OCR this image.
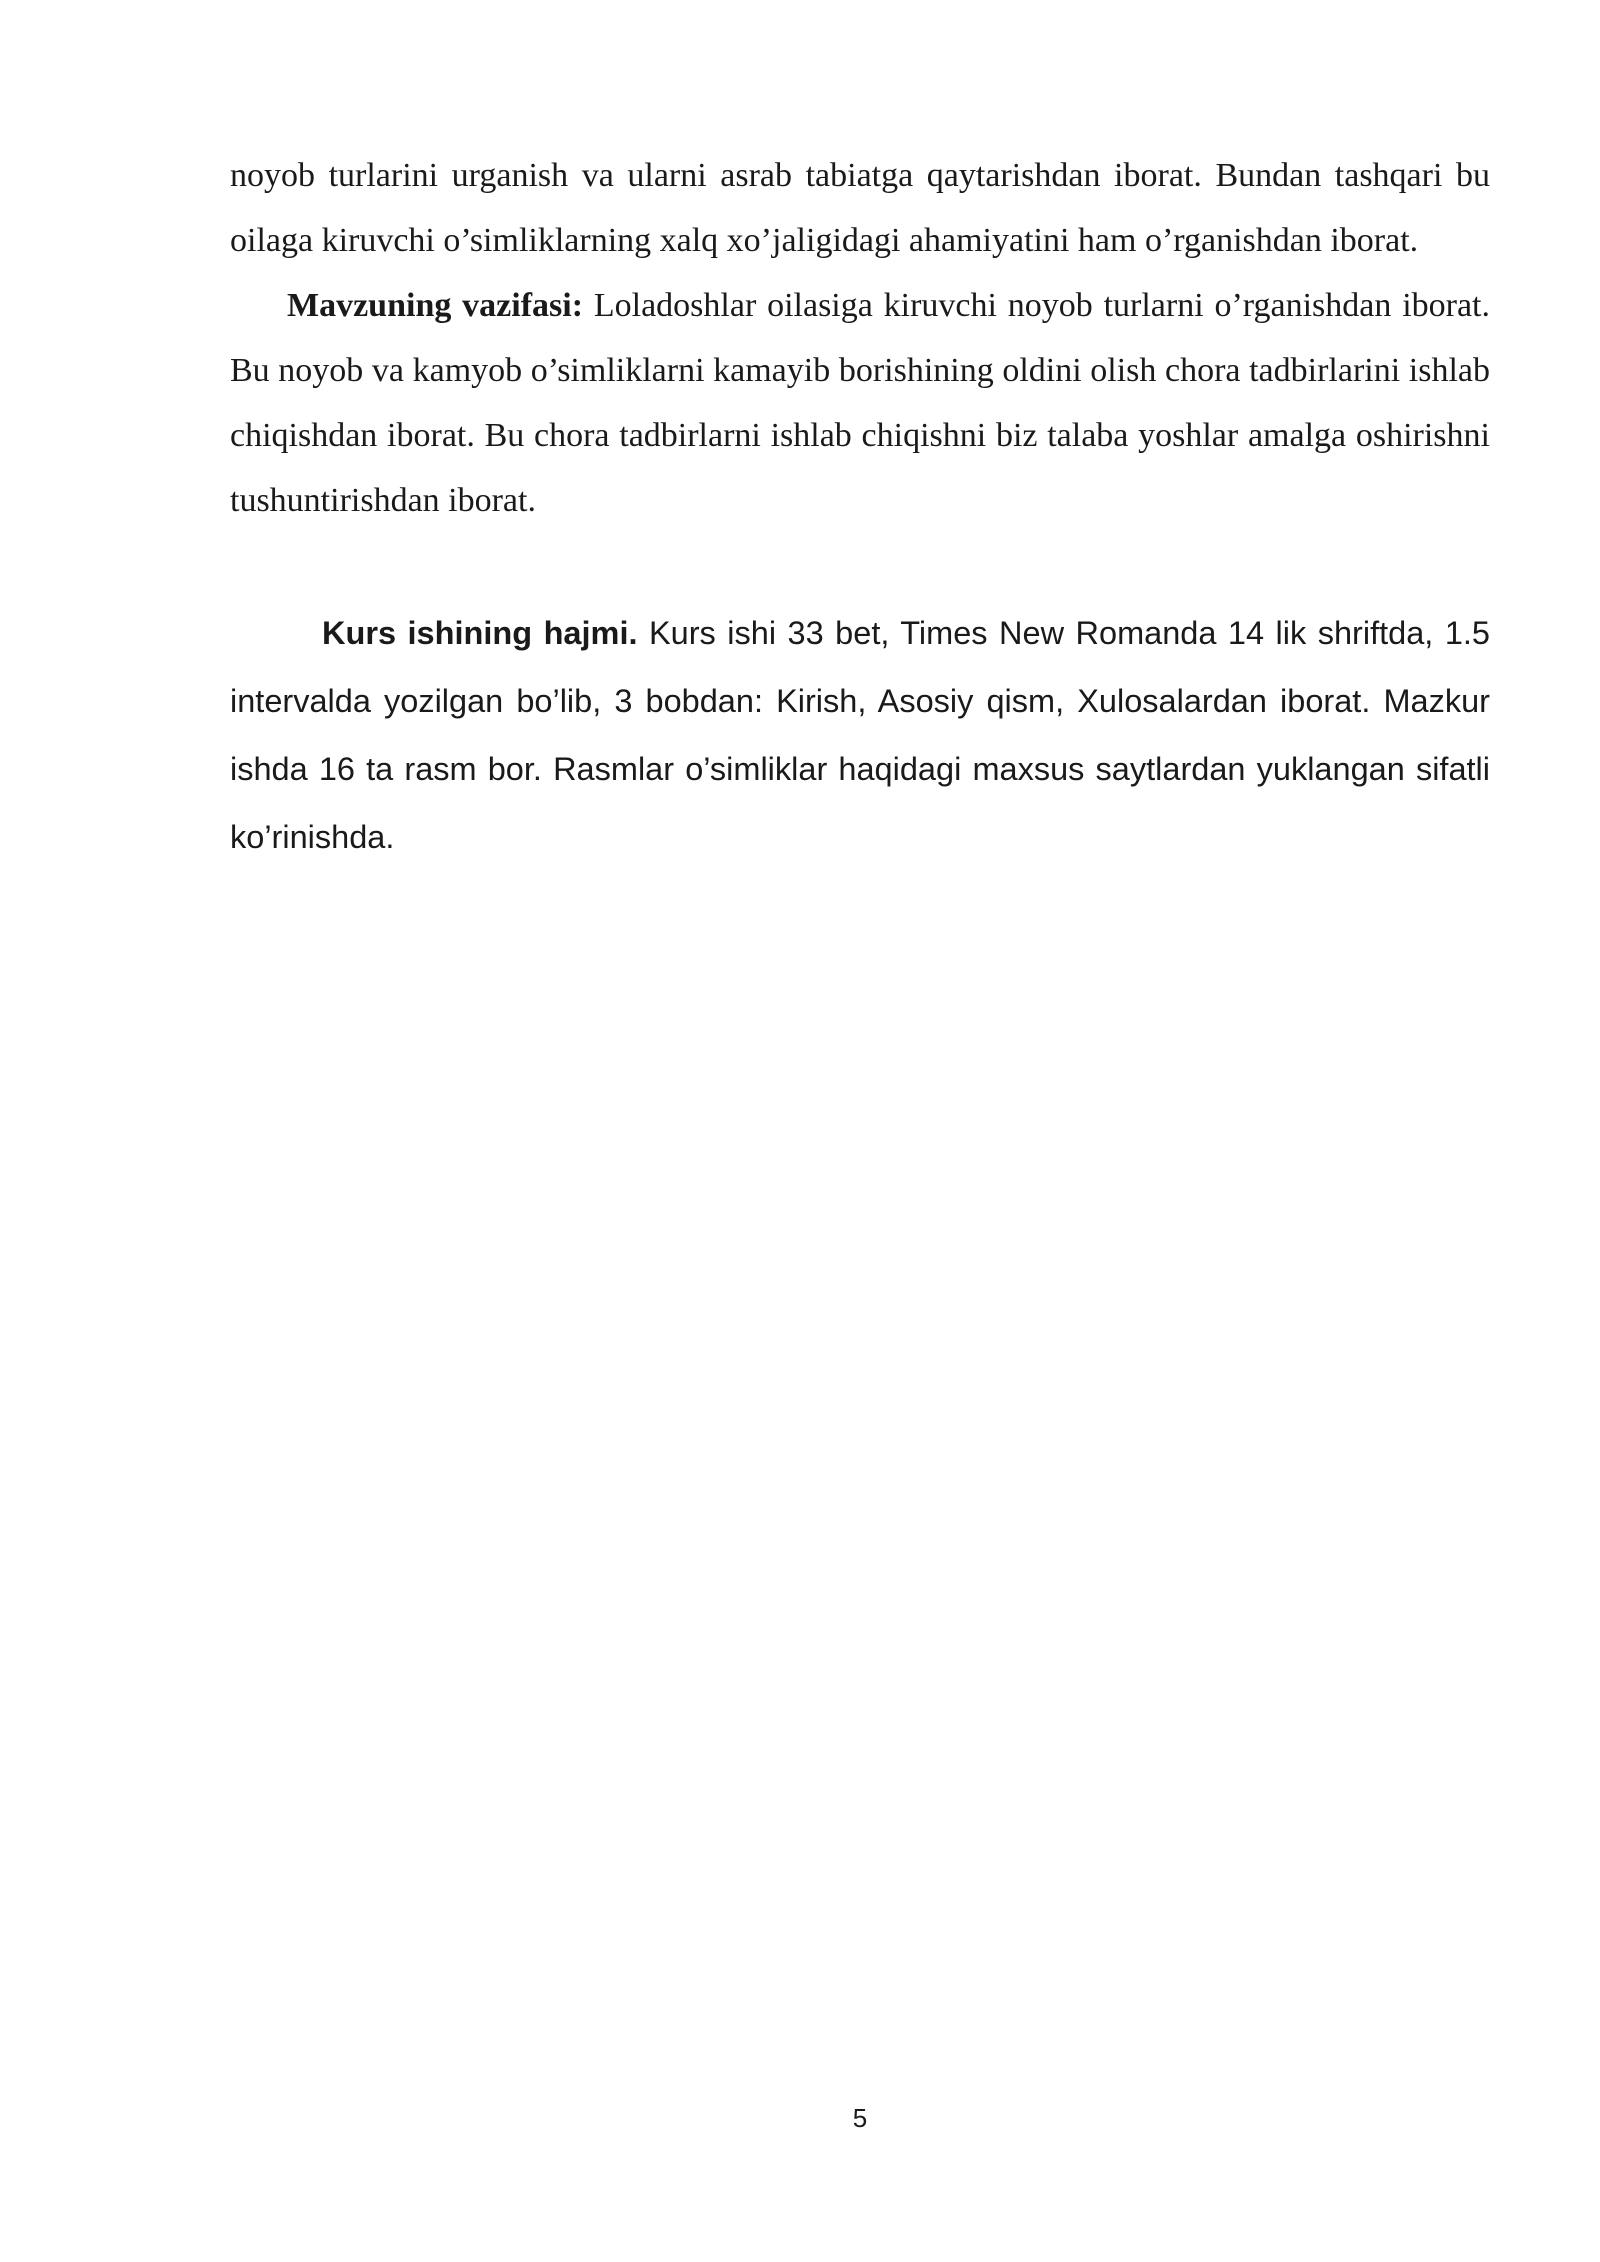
noyob turlarini urganish va ularni asrab tabiatga qaytarishdan iborat. Bundan tashqari bu oilaga kiruvchi o’simliklarning xalq xo’jaligidagi ahamiyatini ham o’rganishdan iborat.

Mavzuning vazifasi: Loladoshlar oilasiga kiruvchi noyob turlarni o’rganishdan iborat. Bu noyob va kamyob o’simliklarni kamayib borishining oldini olish chora tadbirlarini ishlab chiqishdan iborat. Bu chora tadbirlarni ishlab chiqishni biz talaba yoshlar amalga oshirishni tushuntirishdan iborat.

Kurs ishining hajmi. Kurs ishi 33 bet, Times New Romanda 14 lik shriftda, 1.5 intervalda yozilgan bo’lib, 3 bobdan: Kirish, Asosiy qism, Xulosalardan iborat. Mazkur ishda 16 ta rasm bor. Rasmlar o’simliklar haqidagi maxsus saytlardan yuklangan sifatli ko’rinishda.

5
